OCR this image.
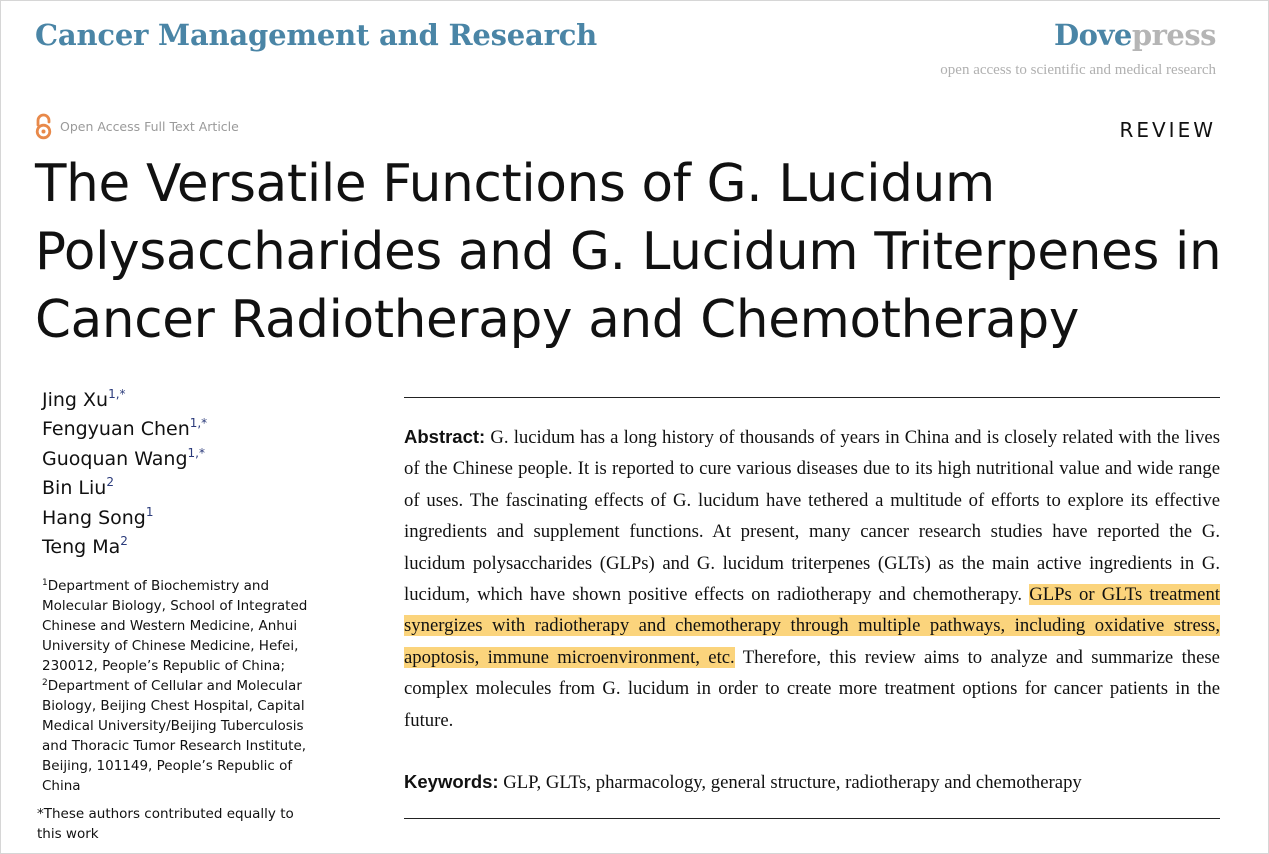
Cancer Management and Research	Dovepress
open access to scientific and medical research
Open Access Full Text Article	REVIEW
The Versatile Functions of G. Lucidum
Polysaccharides and G. Lucidum Triterpenes in
Cancer Radiotherapy and Chemotherapy
Jing $Xu^{1,*}$
Fengyuan Chen$^{1,*}$
Guoquan Wang$^{1,*}$
Bin Liu$^2$
Hang Song$^1$
Teng Ma$^2$
$^1$Department of Biochemistry and Molecular Biology, School of Integrated Chinese and Western Medicine, Anhui University of Chinese Medicine, Hefei, 230012, People’s Republic of China;
$^2$Department of Cellular and Molecular Biology, Beijing Chest Hospital, Capital Medical University/Beijing Tuberculosis and Thoracic Tumor Research Institute, Beijing, 101149, People’s Republic of China
*These authors contributed equally to this work
Abstract: G. lucidum has a long history of thousands of years in China and is closely related with the lives of the Chinese people. It is reported to cure various diseases due to its high nutritional value and wide range of uses. The fascinating effects of G. lucidum have tethered a multitude of efforts to explore its effective ingredients and supplement functions. At present, many cancer research studies have reported the G. lucidum polysaccharides (GLPs) and G. lucidum triterpenes (GLTs) as the main active ingredients in G. lucidum, which have shown positive effects on radiotherapy and chemotherapy. GLPs or GLTs treatment synergizes with radiotherapy and chemotherapy through multiple pathways, including oxidative stress, apoptosis, immune microenvironment, etc. Therefore, this review aims to analyze and summarize these complex molecules from G. lucidum in order to create more treatment options for cancer patients in the future.
Keywords: GLP, GLTs, pharmacology, general structure, radiotherapy and chemotherapy
